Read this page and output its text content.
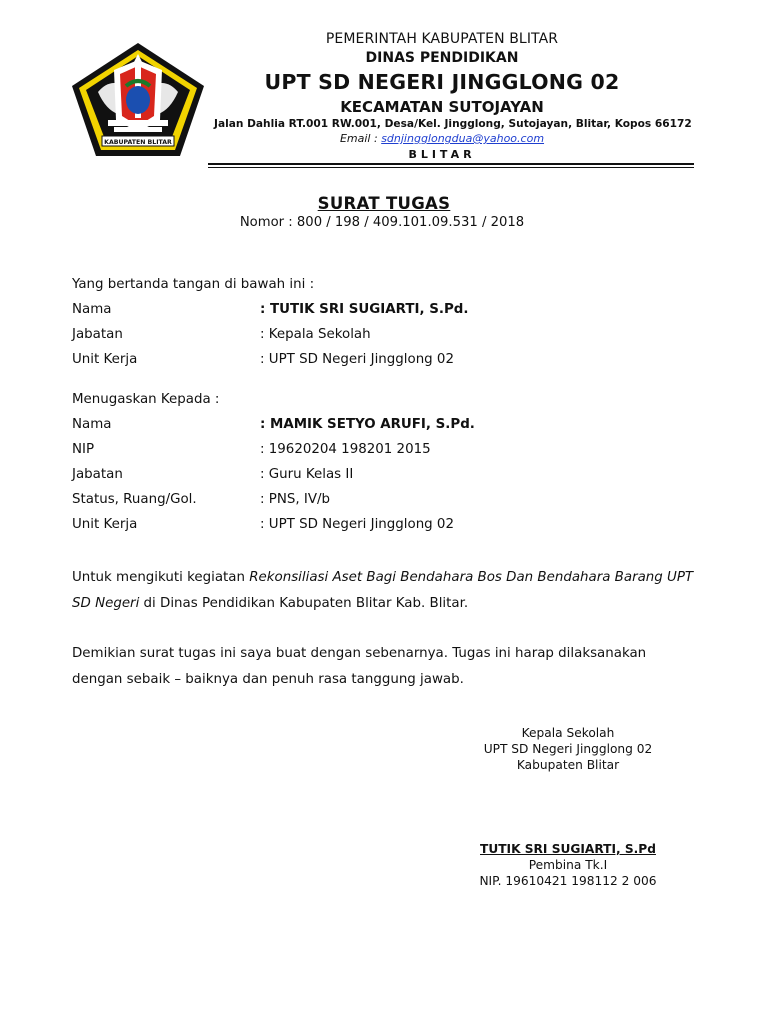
KABUPATEN BLITAR
PEMERINTAH KABUPATEN BLITAR
DINAS PENDIDIKAN
UPT SD NEGERI JINGGLONG 02
KECAMATAN SUTOJAYAN
Jalan Dahlia RT.001 RW.001, Desa/Kel. Jingglong, Sutojayan, Blitar, Kopos 66172
Email : sdnjingglongdua@yahoo.com
BLITAR
SURAT TUGAS
Nomor : 800 / 198 / 409.101.09.531 / 2018
Yang bertanda tangan di bawah ini :
Nama	: TUTIK SRI SUGIARTI, S.Pd.
Jabatan	: Kepala Sekolah
Unit Kerja	: UPT SD Negeri Jingglong 02
Menugaskan Kepada :
Nama	: MAMIK SETYO ARUFI, S.Pd.
NIP	: 19620204 198201 2015
Jabatan	: Guru Kelas II
Status, Ruang/Gol.	: PNS, IV/b
Unit Kerja	: UPT SD Negeri Jingglong 02
Untuk mengikuti kegiatan Rekonsiliasi Aset Bagi Bendahara Bos Dan Bendahara Barang UPT SD Negeri di Dinas Pendidikan Kabupaten Blitar Kab. Blitar.
Demikian surat tugas ini saya buat dengan sebenarnya. Tugas ini harap dilaksanakan dengan sebaik – baiknya dan penuh rasa tanggung jawab.
Kepala Sekolah
UPT SD Negeri Jingglong 02
Kabupaten Blitar
TUTIK SRI SUGIARTI, S.Pd
Pembina Tk.I
NIP. 19610421 198112 2 006
